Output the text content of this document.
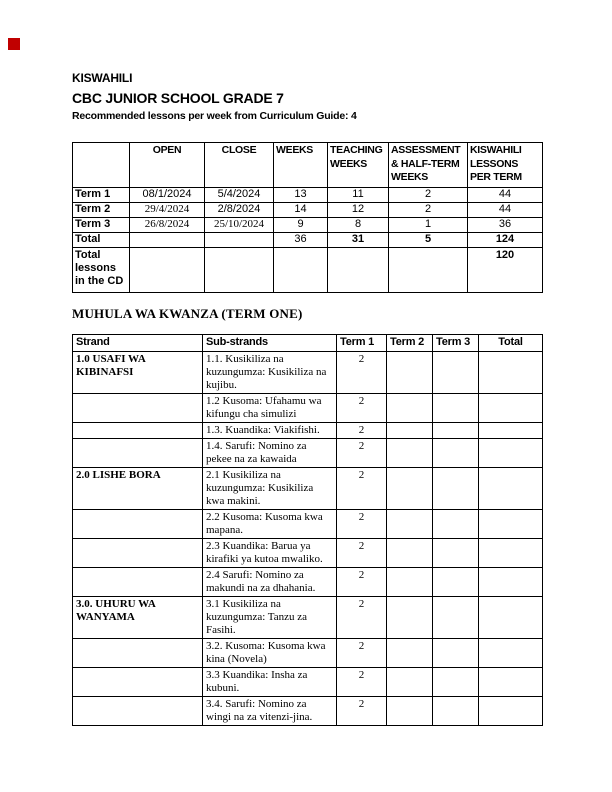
KISWAHILI
CBC JUNIOR SCHOOL GRADE 7
Recommended lessons per week from Curriculum Guide: 4
	OPEN	CLOSE	WEEKS	TEACHING WEEKS	ASSESSMENT & HALF-TERM WEEKS	KISWAHILI LESSONS PER TERM
Term 1	08/1/2024	5/4/2024	13	11	2	44
Term 2	29/4/2024	2/8/2024	14	12	2	44
Term 3	26/8/2024	25/10/2024	9	8	1	36
Total			36	31	5	124
Total lessons in the CD						120
MUHULA WA KWANZA (TERM ONE)
Strand	Sub-strands	Term 1	Term 2	Term 3	Total
1.0 USAFI WA KIBINAFSI	1.1. Kusikiliza na kuzungumza: Kusikiliza na kujibu.	2			
	1.2 Kusoma: Ufahamu wa kifungu cha simulizi	2			
	1.3. Kuandika: Viakifishi.	2			
	1.4. Sarufi: Nomino za pekee na za kawaida	2			
2.0 LISHE BORA	2.1 Kusikiliza na kuzungumza: Kusikiliza kwa makini.	2			
	2.2 Kusoma: Kusoma kwa mapana.	2			
	2.3 Kuandika: Barua ya kirafiki ya kutoa mwaliko.	2			
	2.4 Sarufi: Nomino za makundi na za dhahania.	2			
3.0. UHURU WA WANYAMA	3.1 Kusikiliza na kuzungumza: Tanzu za Fasihi.	2			
	3.2. Kusoma: Kusoma kwa kina (Novela)	2			
	3.3 Kuandika: Insha za kubuni.	2			
	3.4. Sarufi: Nomino za wingi na za vitenzi-jina.	2			
